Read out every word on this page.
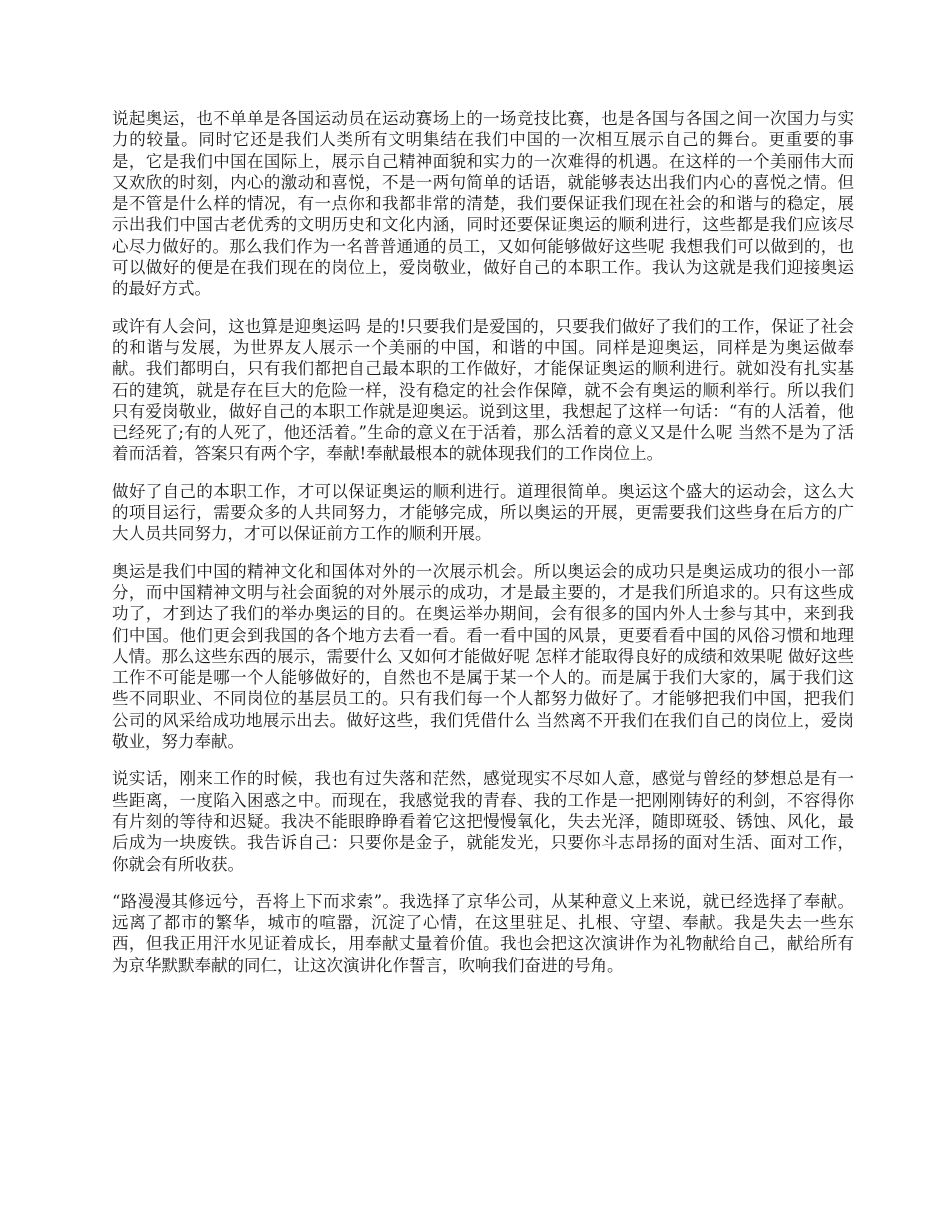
说起奥运，也不单单是各国运动员在运动赛场上的一场竞技比赛，也是各国与各国之间一次国力与实力的较量。同时它还是我们人类所有文明集结在我们中国的一次相互展示自己的舞台。更重要的事是，它是我们中国在国际上，展示自己精神面貌和实力的一次难得的机遇。在这样的一个美丽伟大而又欢欣的时刻，内心的激动和喜悦，不是一两句简单的话语，就能够表达出我们内心的喜悦之情。但是不管是什么样的情况，有一点你和我都非常的清楚，我们要保证我们现在社会的和谐与的稳定，展示出我们中国古老优秀的文明历史和文化内涵，同时还要保证奥运的顺利进行，这些都是我们应该尽心尽力做好的。那么我们作为一名普普通通的员工，又如何能够做好这些呢 我想我们可以做到的，也可以做好的便是在我们现在的岗位上，爱岗敬业，做好自己的本职工作。我认为这就是我们迎接奥运的最好方式。

或许有人会问，这也算是迎奥运吗 是的!只要我们是爱国的，只要我们做好了我们的工作，保证了社会的和谐与发展，为世界友人展示一个美丽的中国，和谐的中国。同样是迎奥运，同样是为奥运做奉献。我们都明白，只有我们都把自己最本职的工作做好，才能保证奥运的顺利进行。就如没有扎实基石的建筑，就是存在巨大的危险一样，没有稳定的社会作保障，就不会有奥运的顺利举行。所以我们只有爱岗敬业，做好自己的本职工作就是迎奥运。说到这里，我想起了这样一句话：“有的人活着，他已经死了;有的人死了，他还活着。”生命的意义在于活着，那么活着的意义又是什么呢 当然不是为了活着而活着，答案只有两个字，奉献!奉献最根本的就体现我们的工作岗位上。

做好了自己的本职工作，才可以保证奥运的顺利进行。道理很简单。奥运这个盛大的运动会，这么大的项目运行，需要众多的人共同努力，才能够完成，所以奥运的开展，更需要我们这些身在后方的广大人员共同努力，才可以保证前方工作的顺利开展。

奥运是我们中国的精神文化和国体对外的一次展示机会。所以奥运会的成功只是奥运成功的很小一部分，而中国精神文明与社会面貌的对外展示的成功，才是最主要的，才是我们所追求的。只有这些成功了，才到达了我们的举办奥运的目的。在奥运举办期间，会有很多的国内外人士参与其中，来到我们中国。他们更会到我国的各个地方去看一看。看一看中国的风景，更要看看中国的风俗习惯和地理人情。那么这些东西的展示，需要什么 又如何才能做好呢 怎样才能取得良好的成绩和效果呢 做好这些工作不可能是哪一个人能够做好的，自然也不是属于某一个人的。而是属于我们大家的，属于我们这些不同职业、不同岗位的基层员工的。只有我们每一个人都努力做好了。才能够把我们中国，把我们公司的风采给成功地展示出去。做好这些，我们凭借什么 当然离不开我们在我们自己的岗位上，爱岗敬业，努力奉献。

说实话，刚来工作的时候，我也有过失落和茫然，感觉现实不尽如人意，感觉与曾经的梦想总是有一些距离，一度陷入困惑之中。而现在，我感觉我的青春、我的工作是一把刚刚铸好的利剑，不容得你有片刻的等待和迟疑。我决不能眼睁睁看着它这把慢慢氧化，失去光泽，随即斑驳、锈蚀、风化，最后成为一块废铁。我告诉自己：只要你是金子，就能发光，只要你斗志昂扬的面对生活、面对工作，你就会有所收获。

“路漫漫其修远兮，吾将上下而求索”。我选择了京华公司，从某种意义上来说，就已经选择了奉献。远离了都市的繁华，城市的喧嚣，沉淀了心情，在这里驻足、扎根、守望、奉献。我是失去一些东西，但我正用汗水见证着成长，用奉献丈量着价值。我也会把这次演讲作为礼物献给自己，献给所有为京华默默奉献的同仁，让这次演讲化作誓言，吹响我们奋进的号角。
